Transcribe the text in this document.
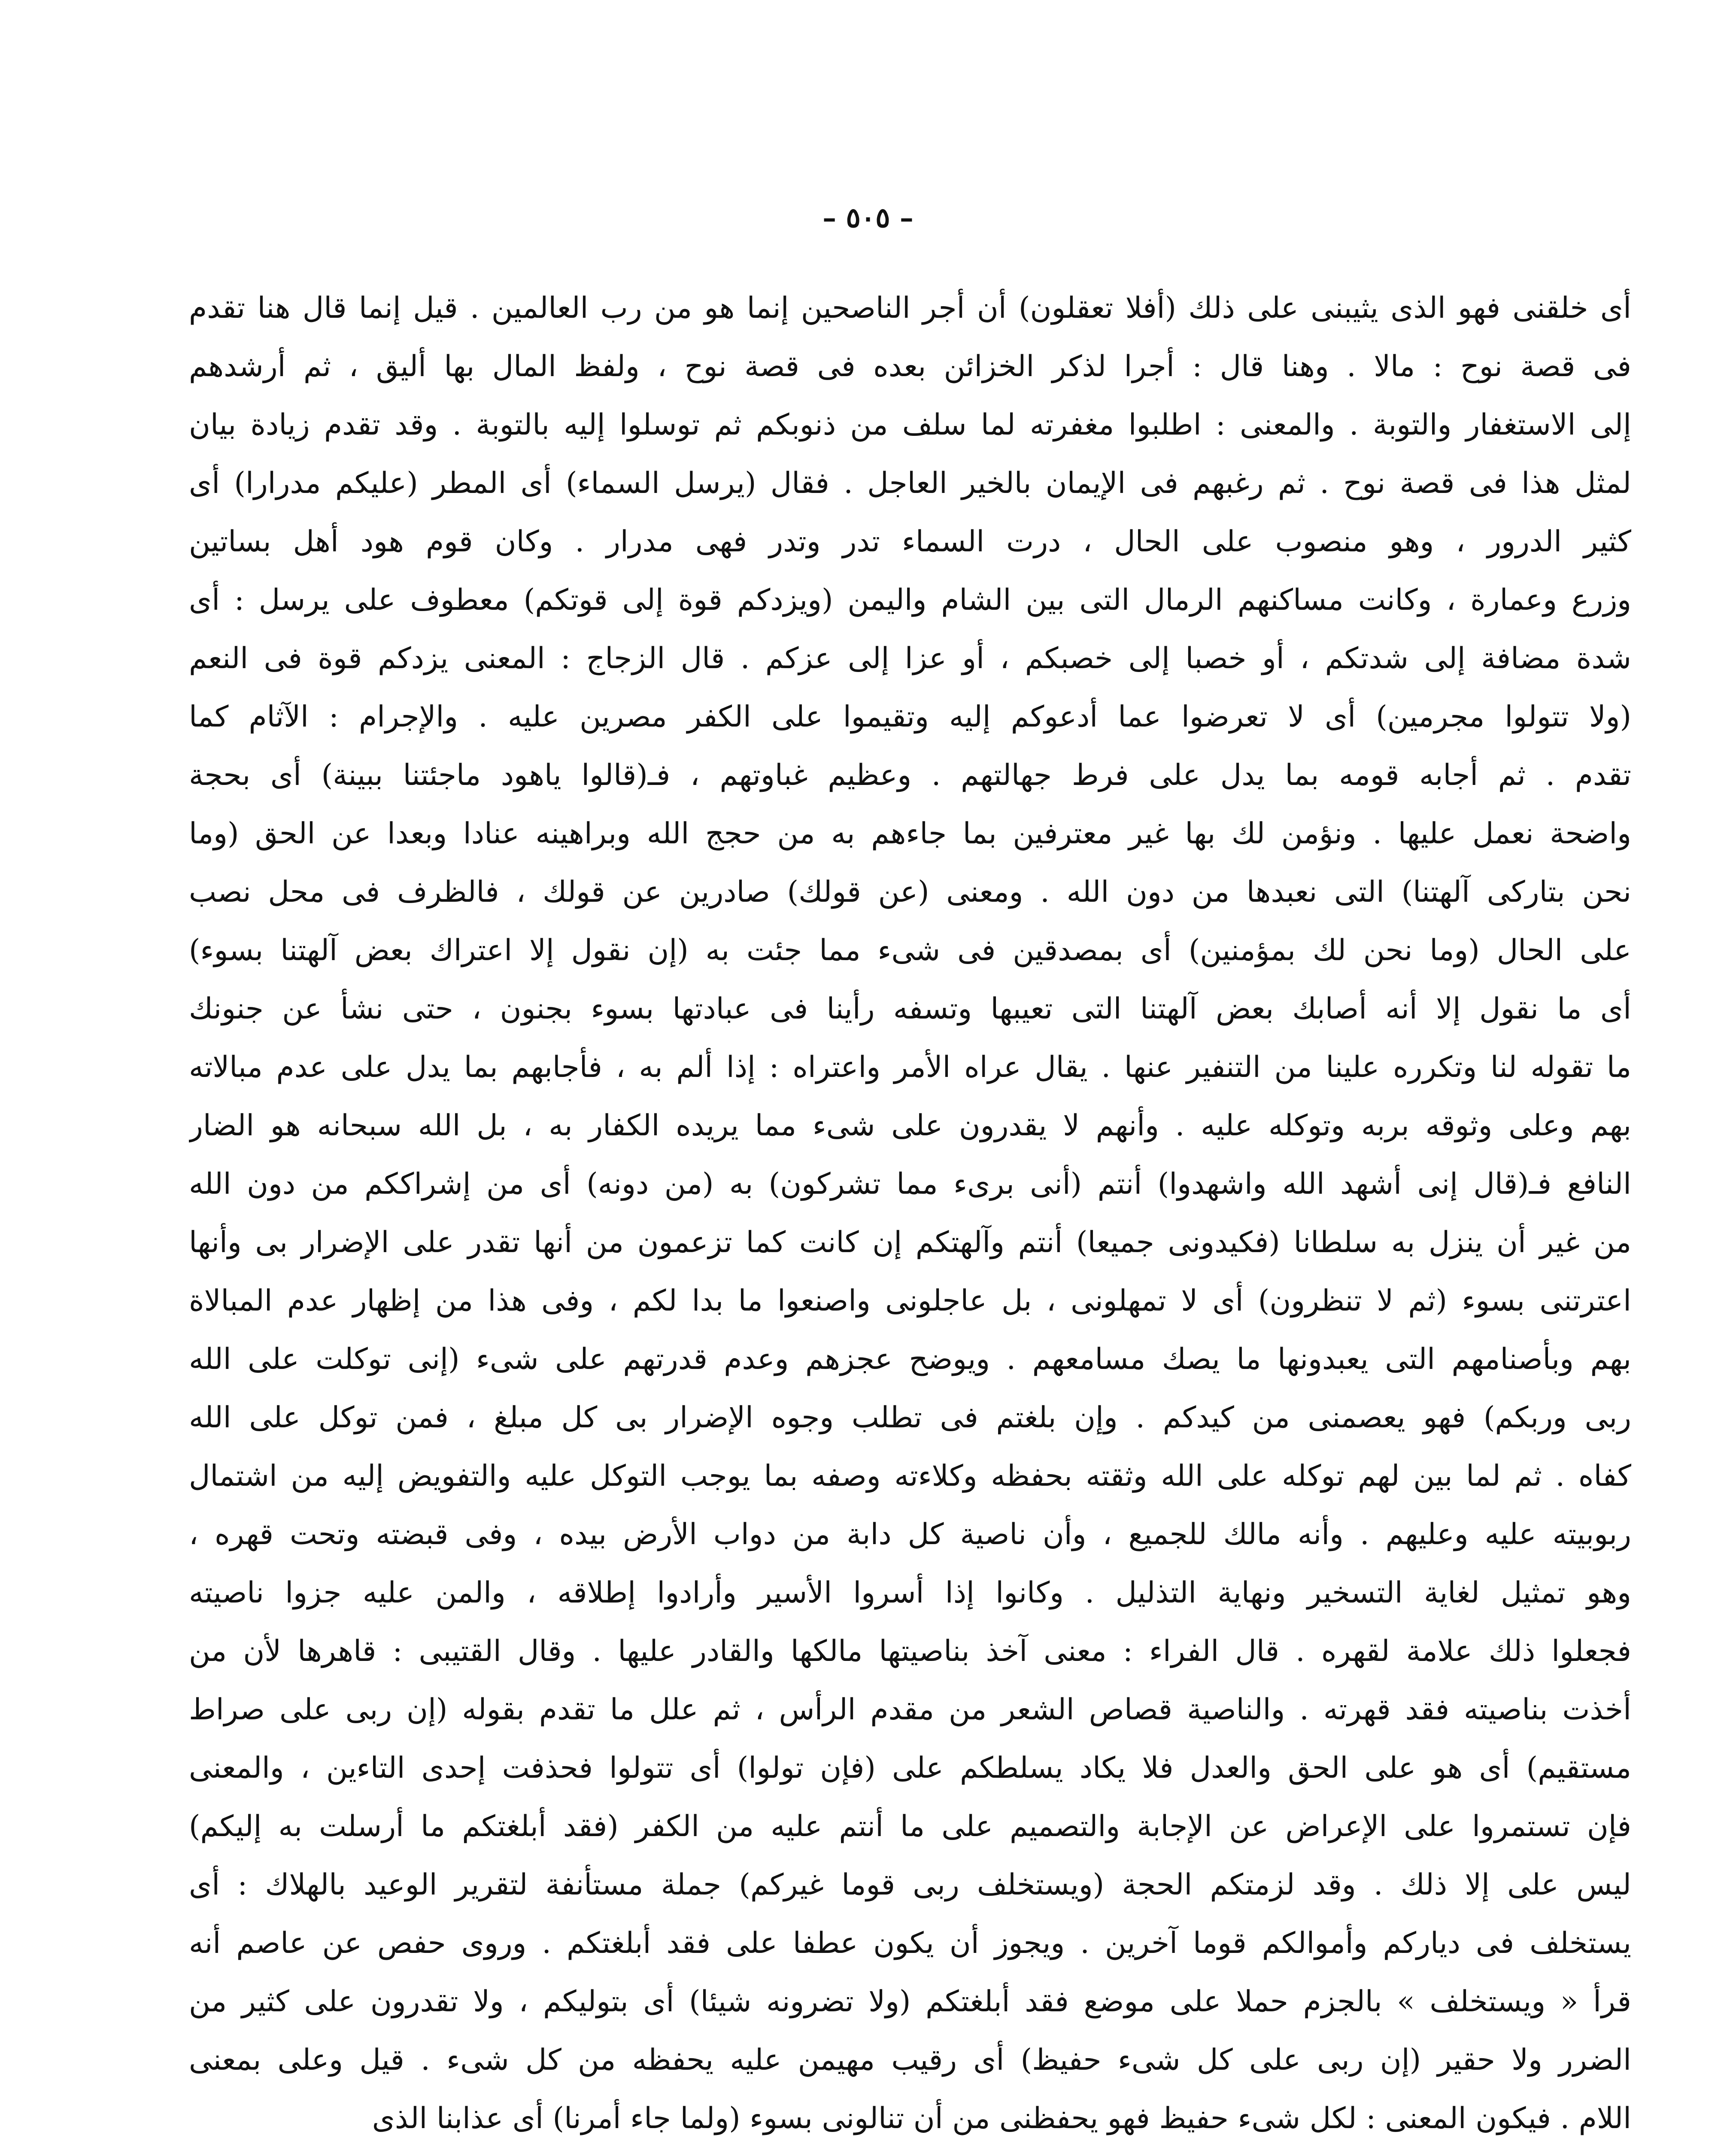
– ٥٠٥ –
أى خلقنى فهو الذى يثيبنى على ذلك (أفلا تعقلون) أن أجر الناصحين إنما هو من رب العالمين . قيل إنما قال هنا تقدم
فى قصة نوح : مالا . وهنا قال : أجرا لذكر الخزائن بعده فى قصة نوح ، ولفظ المال بها أليق ، ثم أرشدهم
إلى الاستغفار والتوبة . والمعنى : اطلبوا مغفرته لما سلف من ذنوبكم ثم توسلوا إليه بالتوبة . وقد تقدم زيادة بيان
لمثل هذا فى قصة نوح . ثم رغبهم فى الإيمان بالخير العاجل . فقال (يرسل السماء) أى المطر (عليكم مدرارا) أى
كثير الدرور ، وهو منصوب على الحال ، درت السماء تدر وتدر فهى مدرار . وكان قوم هود أهل بساتين
وزرع وعمارة ، وكانت مساكنهم الرمال التى بين الشام واليمن (ويزدكم قوة إلى قوتكم) معطوف على يرسل : أى
شدة مضافة إلى شدتكم ، أو خصبا إلى خصبكم ، أو عزا إلى عزكم . قال الزجاج : المعنى يزدكم قوة فى النعم
(ولا تتولوا مجرمين) أى لا تعرضوا عما أدعوكم إليه وتقيموا على الكفر مصرين عليه . والإجرام : الآثام كما
تقدم . ثم أجابه قومه بما يدل على فرط جهالتهم . وعظيم غباوتهم ، فـ(قالوا ياهود ماجئتنا ببينة) أى بحجة
واضحة نعمل عليها . ونؤمن لك بها غير معترفين بما جاءهم به من حجج الله وبراهينه عنادا وبعدا عن الحق (وما
نحن بتاركى آلهتنا) التى نعبدها من دون الله . ومعنى (عن قولك) صادرين عن قولك ، فالظرف فى محل نصب
على الحال (وما نحن لك بمؤمنين) أى بمصدقين فى شىء مما جئت به (إن نقول إلا اعتراك بعض آلهتنا بسوء)
أى ما نقول إلا أنه أصابك بعض آلهتنا التى تعيبها وتسفه رأينا فى عبادتها بسوء بجنون ، حتى نشأ عن جنونك
ما تقوله لنا وتكرره علينا من التنفير عنها . يقال عراه الأمر واعتراه : إذا ألم به ، فأجابهم بما يدل على عدم مبالاته
بهم وعلى وثوقه بربه وتوكله عليه . وأنهم لا يقدرون على شىء مما يريده الكفار به ، بل الله سبحانه هو الضار
النافع فـ(قال إنى أشهد الله واشهدوا) أنتم (أنى برىء مما تشركون) به (من دونه) أى من إشراككم من دون الله
من غير أن ينزل به سلطانا (فكيدونى جميعا) أنتم وآلهتكم إن كانت كما تزعمون من أنها تقدر على الإضرار بى وأنها
اعترتنى بسوء (ثم لا تنظرون) أى لا تمهلونى ، بل عاجلونى واصنعوا ما بدا لكم ، وفى هذا من إظهار عدم المبالاة
بهم وبأصنامهم التى يعبدونها ما يصك مسامعهم . ويوضح عجزهم وعدم قدرتهم على شىء (إنى توكلت على الله
ربى وربكم) فهو يعصمنى من كيدكم . وإن بلغتم فى تطلب وجوه الإضرار بى كل مبلغ ، فمن توكل على الله
كفاه . ثم لما بين لهم توكله على الله وثقته بحفظه وكلاءته وصفه بما يوجب التوكل عليه والتفويض إليه من اشتمال
ربوبيته عليه وعليهم . وأنه مالك للجميع ، وأن ناصية كل دابة من دواب الأرض بيده ، وفى قبضته وتحت قهره ،
وهو تمثيل لغاية التسخير ونهاية التذليل . وكانوا إذا أسروا الأسير وأرادوا إطلاقه ، والمن عليه جزوا ناصيته
فجعلوا ذلك علامة لقهره . قال الفراء : معنى آخذ بناصيتها مالكها والقادر عليها . وقال القتيبى : قاهرها لأن من
أخذت بناصيته فقد قهرته . والناصية قصاص الشعر من مقدم الرأس ، ثم علل ما تقدم بقوله (إن ربى على صراط
مستقيم) أى هو على الحق والعدل فلا يكاد يسلطكم على (فإن تولوا) أى تتولوا فحذفت إحدى التاءين ، والمعنى
فإن تستمروا على الإعراض عن الإجابة والتصميم على ما أنتم عليه من الكفر (فقد أبلغتكم ما أرسلت به إليكم)
ليس على إلا ذلك . وقد لزمتكم الحجة (ويستخلف ربى قوما غيركم) جملة مستأنفة لتقرير الوعيد بالهلاك : أى
يستخلف فى دياركم وأموالكم قوما آخرين . ويجوز أن يكون عطفا على فقد أبلغتكم . وروى حفص عن عاصم أنه
قرأ « ويستخلف » بالجزم حملا على موضع فقد أبلغتكم (ولا تضرونه شيئا) أى بتوليكم ، ولا تقدرون على كثير من
الضرر ولا حقير (إن ربى على كل شىء حفيظ) أى رقيب مهيمن عليه يحفظه من كل شىء . قيل وعلى بمعنى
اللام . فيكون المعنى : لكل شىء حفيظ فهو يحفظنى من أن تنالونى بسوء (ولما جاء أمرنا) أى عذابنا الذى
